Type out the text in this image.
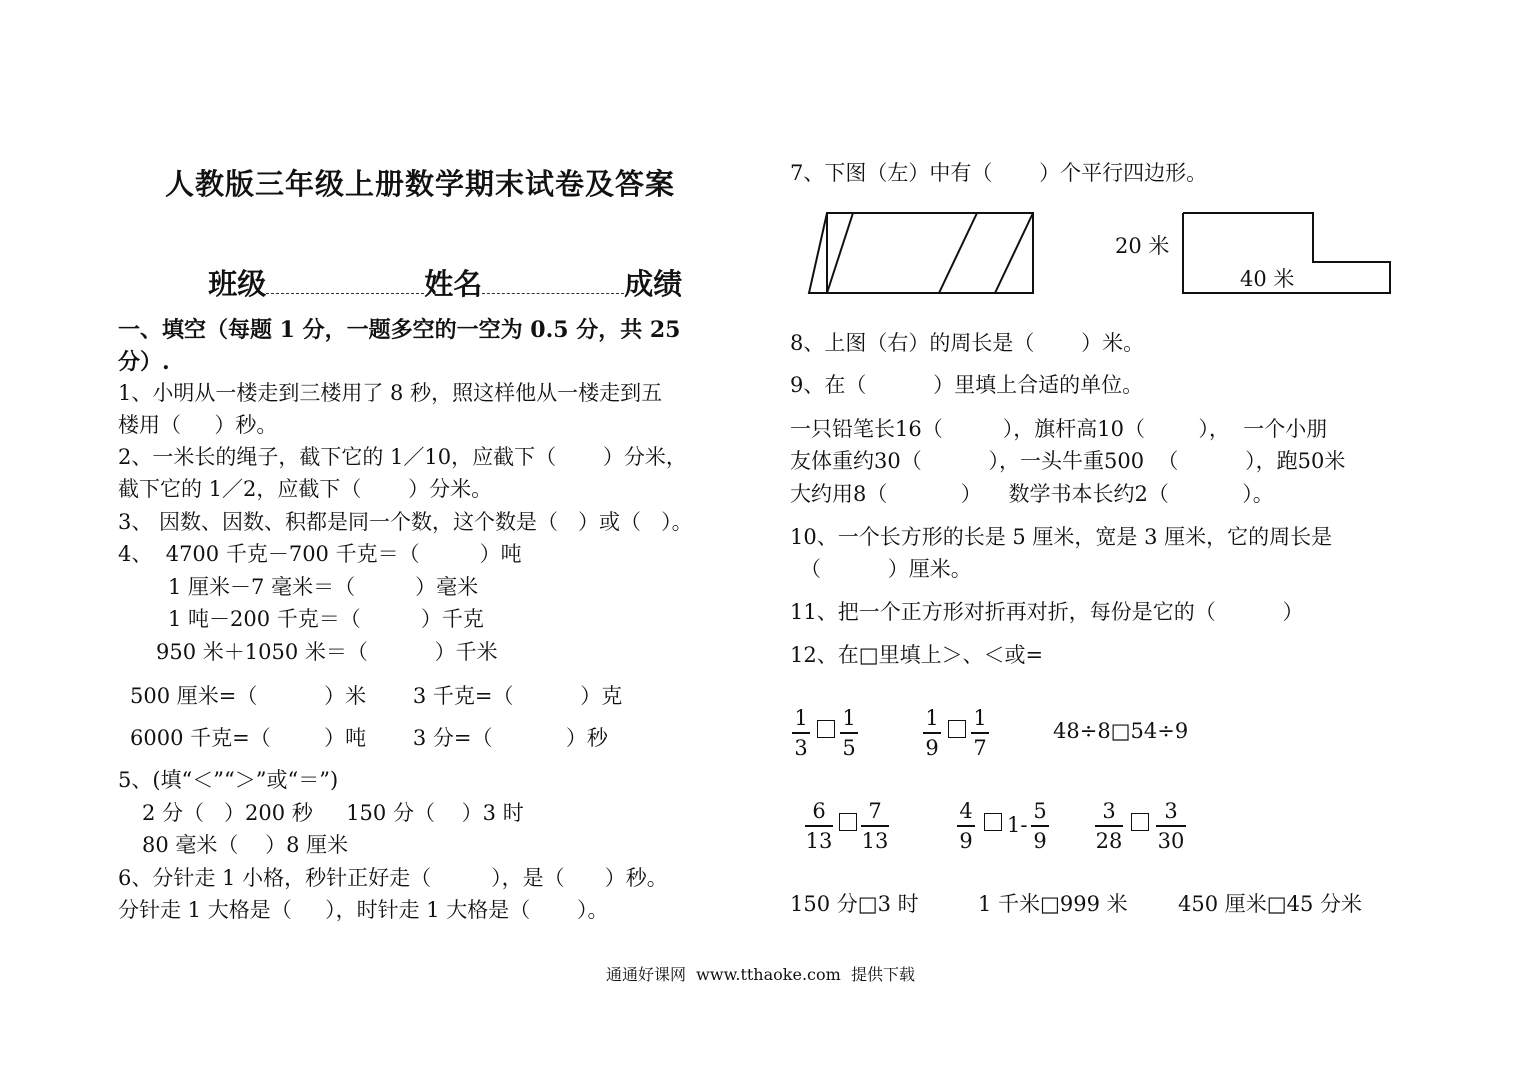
人教版三年级上册数学期末试卷及答案

班级	姓名	成绩

一、填空（每题 1 分，一题多空的一空为 0.5 分，共 25
分）.
1、小明从一楼走到三楼用了 8 秒，照这样他从一楼走到五
楼用（     ）秒。
2、一米长的绳子，截下它的 1／10，应截下（       ）分米，
截下它的 1／2，应截下（       ）分米。
3、 因数、因数、积都是同一个数，这个数是（   ）或（   ）。
4、  4700 千克－700 千克＝（         ）吨
1 厘米－7 毫米＝（         ）毫米
1 吨－200 千克＝（         ）千克
950 米＋1050 米＝（          ）千米
500 厘米=（          ）米       3 千克=（          ）克
6000 千克=（        ）吨       3 分=（           ）秒
5、(填“＜”“＞”或“＝”)
2 分（   ）200 秒     150 分（    ）3 时
80 毫米（    ）8 厘米
6、分针走 1 小格，秒针正好走（         ），是（      ）秒。
分针走 1 大格是（     ），时针走 1 大格是（       ）。
7、下图（左）中有（       ）个平行四边形。
20 米
40 米
8、上图（右）的周长是（       ）米。
9、在（          ）里填上合适的单位。
一只铅笔长16（         ），旗杆高10（        ），  一个小朋
友体重约30（          ），一头牛重500  （          ），跑50米
大约用8（           ）    数学书本长约2（           ）。
10、一个长方形的长是 5 厘米，宽是 3 厘米，它的周长是
（          ）厘米。
11、把一个正方形对折再对折，每份是它的（          ）
12、在□里填上＞、＜或=
1
3
1
5
1
9
1
7
48÷8□54÷9
6
13
7
13
4
9
1-
5
9
3
28
3
30
150 分□3 时	1 千米□999 米 450 厘米□45 分米
通通好课网  www.tthaoke.com  提供下载
